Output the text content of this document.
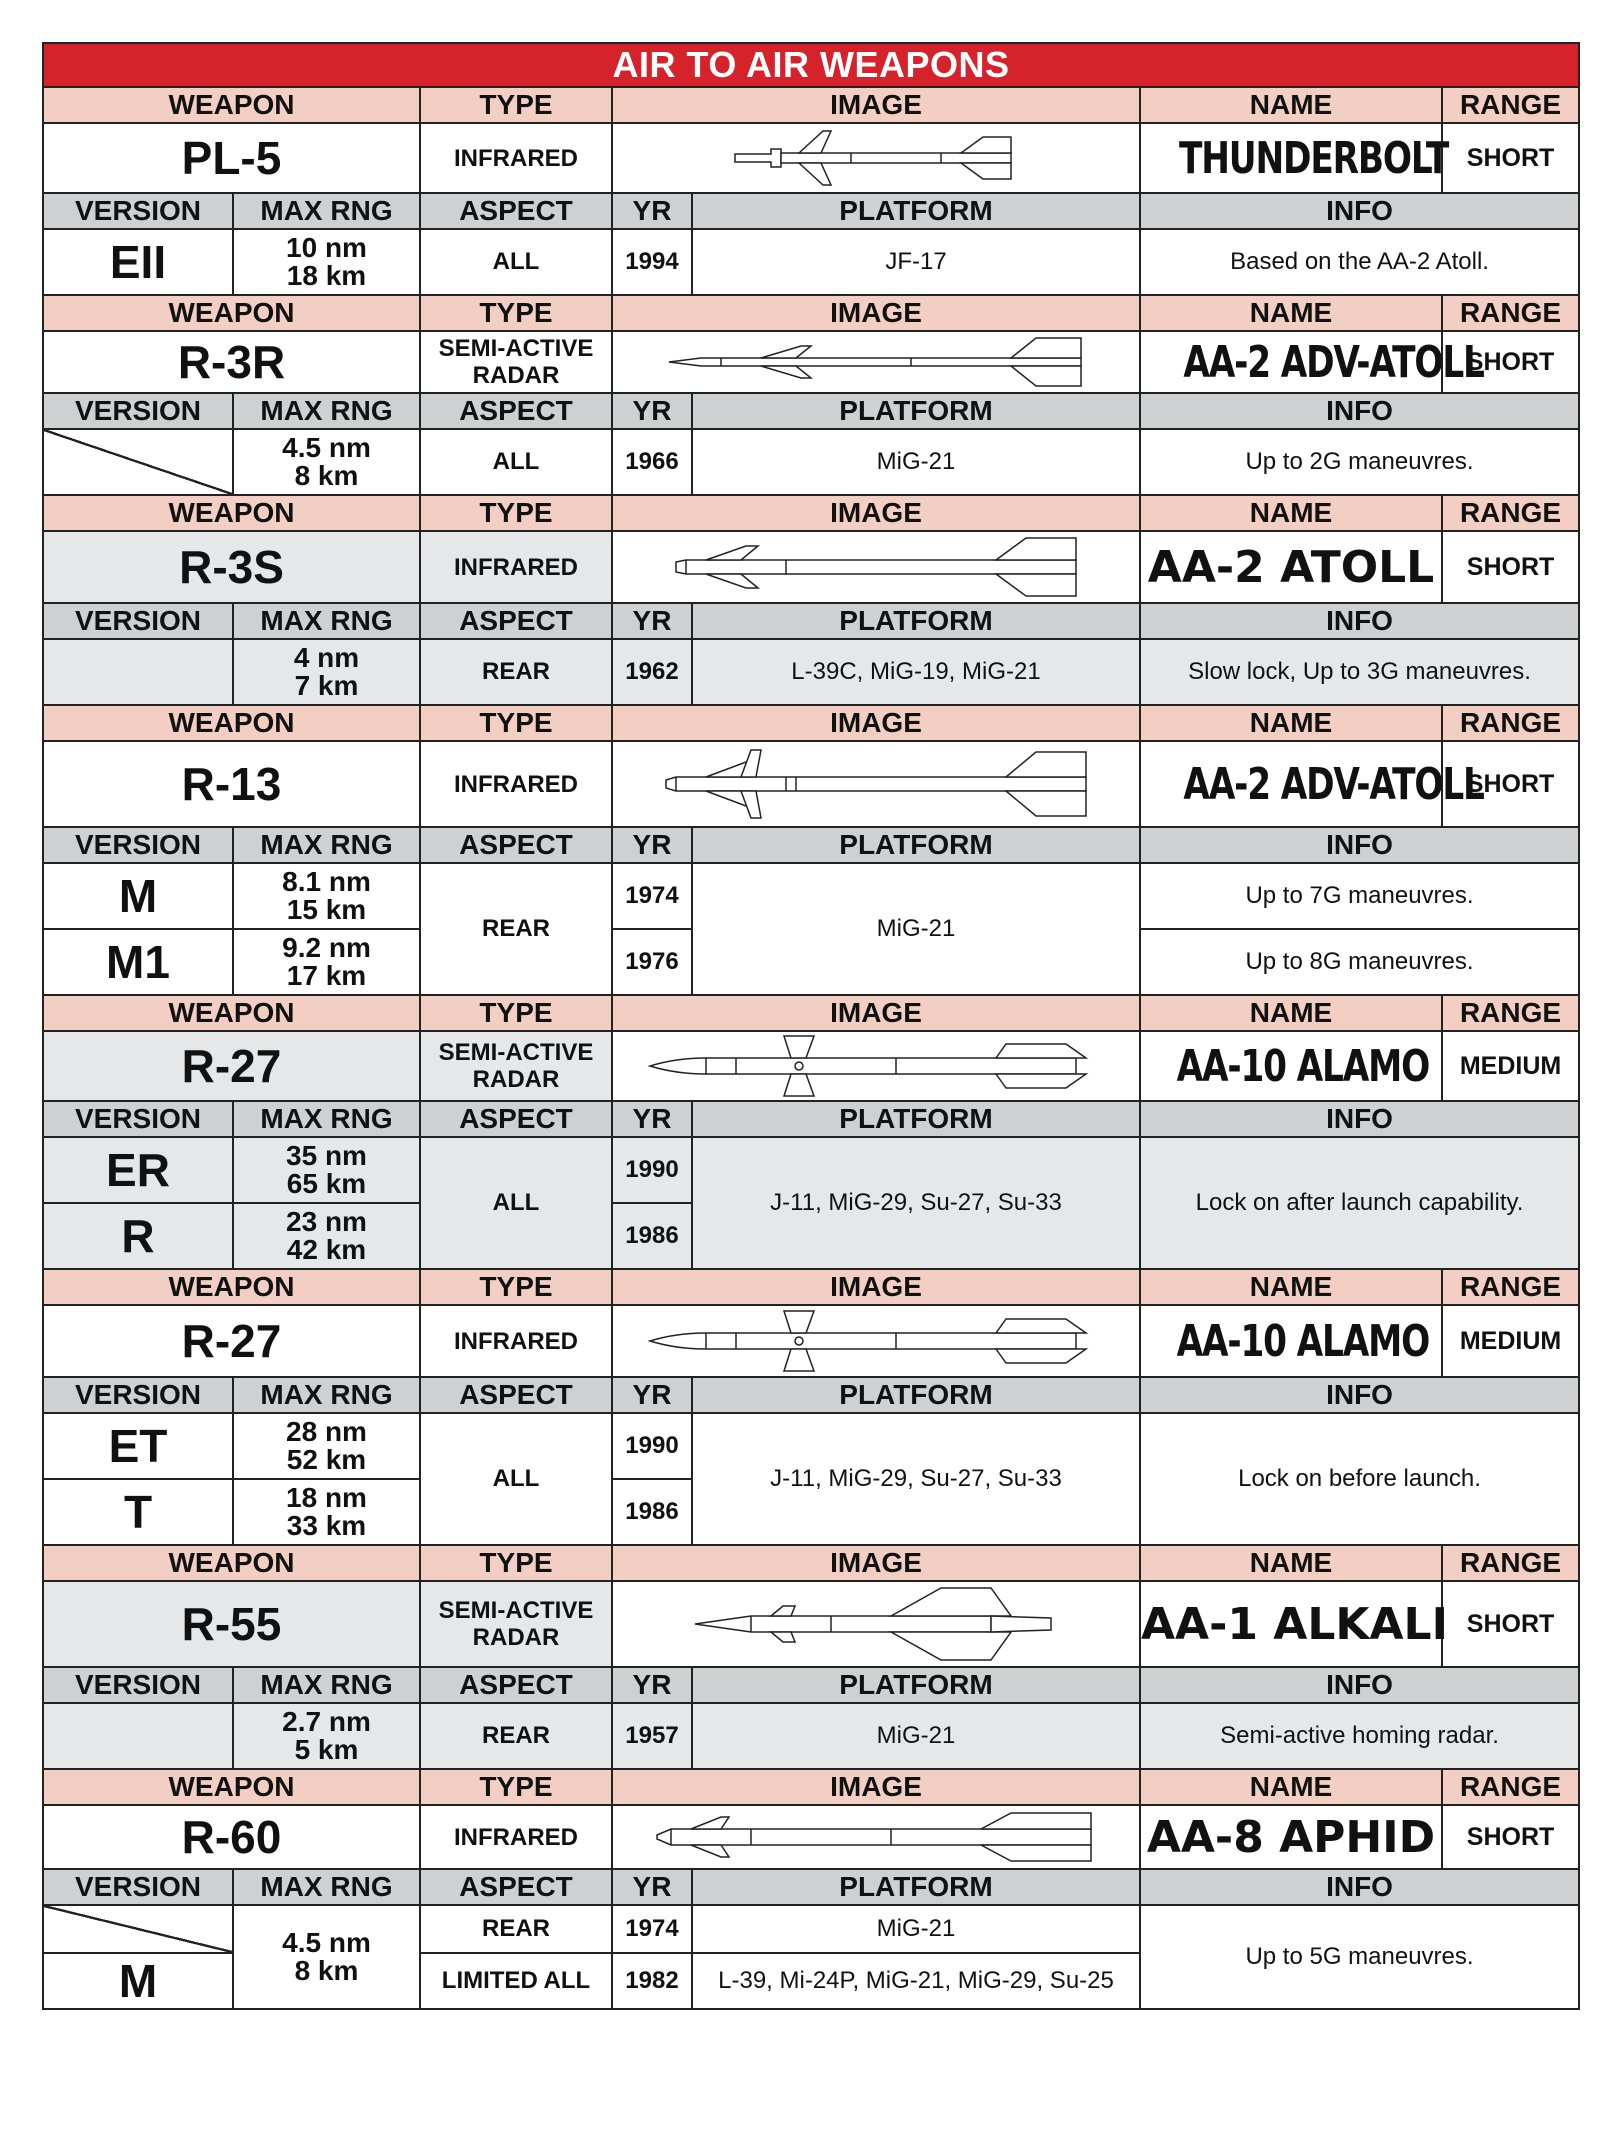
AIR TO AIR WEAPONS						
WEAPON		TYPE	IMAGE		NAME	RANGE
PL-5		INFRARED			THUNDERBOLT	SHORT
VERSION	MAX RNG	ASPECT	YR	PLATFORM	INFO	
EII	10 nm
18 km	ALL	1994	JF-17	Based on the AA-2 Atoll.	
WEAPON		TYPE	IMAGE		NAME	RANGE
R-3R		SEMI-ACTIVE
RADAR			AA-2 ADV-ATOLL	SHORT
VERSION	MAX RNG	ASPECT	YR	PLATFORM	INFO	

	4.5 nm
8 km	ALL	1966	MiG-21	Up to 2G maneuvres.	
WEAPON		TYPE	IMAGE		NAME	RANGE
R-3S		INFRARED			AA-2 ATOLL	SHORT
VERSION	MAX RNG	ASPECT	YR	PLATFORM	INFO	

	4 nm
7 km	REAR	1962	L-39C, MiG-19, MiG-21	Slow lock, Up to 3G maneuvres.	
WEAPON		TYPE	IMAGE		NAME	RANGE
R-13		INFRARED			AA-2 ADV-ATOLL	SHORT
VERSION	MAX RNG	ASPECT	YR	PLATFORM	INFO	
M	8.1 nm
15 km	REAR	1974	MiG-21	Up to 7G maneuvres.	
M1	9.2 nm
17 km		1976		Up to 8G maneuvres.	
WEAPON		TYPE	IMAGE		NAME	RANGE
R-27		SEMI-ACTIVE
RADAR			AA-10 ALAMO	MEDIUM
VERSION	MAX RNG	ASPECT	YR	PLATFORM	INFO	
ER	35 nm
65 km	ALL	1990	J-11, MiG-29, Su-27, Su-33	Lock on after launch capability.	
R	23 nm
42 km		1986			
WEAPON		TYPE	IMAGE		NAME	RANGE
R-27		INFRARED			AA-10 ALAMO	MEDIUM
VERSION	MAX RNG	ASPECT	YR	PLATFORM	INFO	
ET	28 nm
52 km	ALL	1990	J-11, MiG-29, Su-27, Su-33	Lock on before launch.	
T	18 nm
33 km		1986			
WEAPON		TYPE	IMAGE		NAME	RANGE
R-55		SEMI-ACTIVE
RADAR			AA-1 ALKALI	SHORT
VERSION	MAX RNG	ASPECT	YR	PLATFORM	INFO	

	2.7 nm
5 km	REAR	1957	MiG-21	Semi-active homing radar.	
WEAPON		TYPE	IMAGE		NAME	RANGE
R-60		INFRARED			AA-8 APHID	SHORT
VERSION	MAX RNG	ASPECT	YR	PLATFORM	INFO	

	4.5 nm
8 km	REAR	1974	MiG-21	Up to 5G maneuvres.	
M		LIMITED ALL	1982	L-39, Mi-24P, MiG-21, MiG-29, Su-25		
